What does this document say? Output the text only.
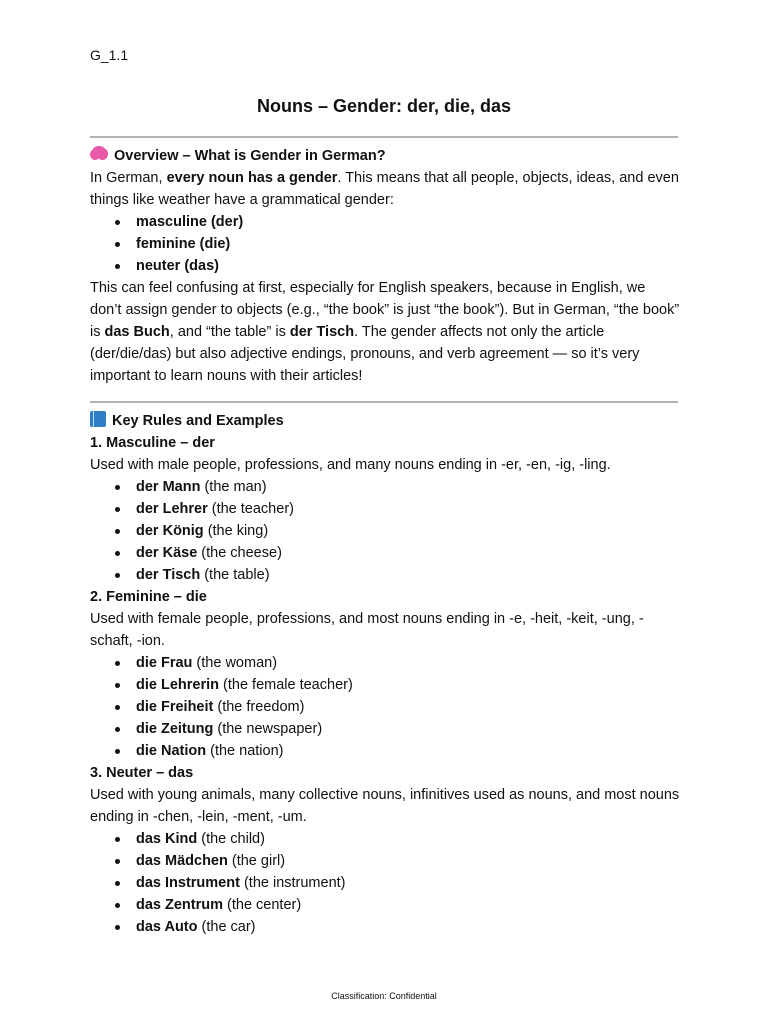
G_1.1
Nouns – Gender: der, die, das

Overview – What is Gender in German?

In German, every noun has a gender. This means that all people, objects, ideas, and even things like weather have a grammatical gender:

masculine (der)
feminine (die)
neuter (das)

This can feel confusing at first, especially for English speakers, because in English, we don’t assign gender to objects (e.g., “the book” is just “the book”). But in German, “the book” is das Buch, and “the table” is der Tisch. The gender affects not only the article (der/die/das) but also adjective endings, pronouns, and verb agreement — so it’s very important to learn nouns with their articles!

Key Rules and Examples

1. Masculine – der

Used with male people, professions, and many nouns ending in -er, -en, -ig, -ling.

der Mann (the man)
der Lehrer (the teacher)
der König (the king)
der Käse (the cheese)
der Tisch (the table)

2. Feminine – die

Used with female people, professions, and most nouns ending in -e, -heit, -keit, -ung, -schaft, -ion.

die Frau (the woman)
die Lehrerin (the female teacher)
die Freiheit (the freedom)
die Zeitung (the newspaper)
die Nation (the nation)

3. Neuter – das

Used with young animals, many collective nouns, infinitives used as nouns, and most nouns ending in -chen, -lein, -ment, -um.

das Kind (the child)
das Mädchen (the girl)
das Instrument (the instrument)
das Zentrum (the center)
das Auto (the car)
Classification: Confidential
